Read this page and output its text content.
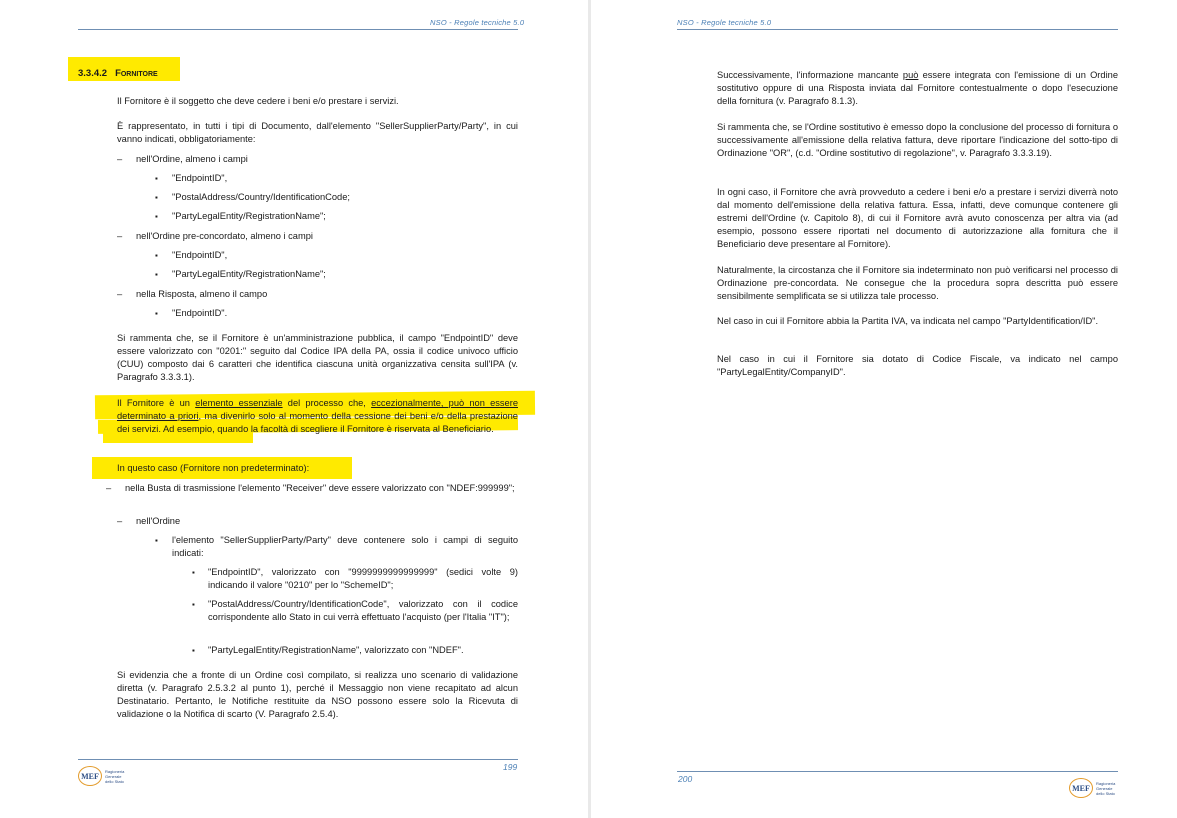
NSO - Regole tecniche 5.0
3.3.4.2 Fornitore
Il Fornitore è il soggetto che deve cedere i beni e/o prestare i servizi.
È rappresentato, in tutti i tipi di Documento, dall'elemento "SellerSupplierParty/Party", in cui vanno indicati, obbligatoriamente:
– nell'Ordine, almeno i campi
▪ "EndpointID",
▪ "PostalAddress/Country/IdentificationCode;
▪ "PartyLegalEntity/RegistrationName";
– nell'Ordine pre-concordato, almeno i campi
▪ "EndpointID",
▪ "PartyLegalEntity/RegistrationName";
– nella Risposta, almeno il campo
▪ "EndpointID".
Si rammenta che, se il Fornitore è un'amministrazione pubblica, il campo "EndpointID" deve essere valorizzato con "0201:" seguito dal Codice IPA della PA, ossia il codice univoco ufficio (CUU) composto dai 6 caratteri che identifica ciascuna unità organizzativa censita sull'IPA (v. Paragrafo 3.3.3.1).
Il Fornitore è un elemento essenziale del processo che, eccezionalmente, può non essere determinato a priori, ma divenirlo solo al momento della cessione dei beni e/o della prestazione dei servizi. Ad esempio, quando la facoltà di scegliere il Fornitore è riservata al Beneficiario.
In questo caso (Fornitore non predeterminato):
– nella Busta di trasmissione l'elemento "Receiver" deve essere valorizzato con "NDEF:999999";
– nell'Ordine
▪ l'elemento "SellerSupplierParty/Party" deve contenere solo i campi di seguito indicati:
▪ "EndpointID", valorizzato con "9999999999999999" (sedici volte 9) indicando il valore "0210" per lo "SchemeID";
▪ "PostalAddress/Country/IdentificationCode", valorizzato con il codice corrispondente allo Stato in cui verrà effettuato l'acquisto (per l'Italia "IT");
▪ "PartyLegalEntity/RegistrationName", valorizzato con "NDEF".
Si evidenzia che a fronte di un Ordine così compilato, si realizza uno scenario di validazione diretta (v. Paragrafo 2.5.3.2 al punto 1), perché il Messaggio non viene recapitato ad alcun Destinatario. Pertanto, le Notifiche restituite da NSO possono essere solo la Ricevuta di validazione o la Notifica di scarto (V. Paragrafo 2.5.4).
199
MEF
Ragioneria Generale dello Stato
NSO - Regole tecniche 5.0
Successivamente, l'informazione mancante può essere integrata con l'emissione di un Ordine sostitutivo oppure di una Risposta inviata dal Fornitore contestualmente o dopo l'esecuzione della fornitura (v. Paragrafo 8.1.3).
Si rammenta che, se l'Ordine sostitutivo è emesso dopo la conclusione del processo di fornitura o successivamente all'emissione della relativa fattura, deve riportare l'indicazione del sotto-tipo di Ordinazione "OR", (c.d. "Ordine sostitutivo di regolazione", v. Paragrafo 3.3.3.19).
In ogni caso, il Fornitore che avrà provveduto a cedere i beni e/o a prestare i servizi diverrà noto dal momento dell'emissione della relativa fattura. Essa, infatti, deve comunque contenere gli estremi dell'Ordine (v. Capitolo 8), di cui il Fornitore avrà avuto conoscenza per altra via (ad esempio, possono essere riportati nel documento di autorizzazione alla fornitura che il Beneficiario deve presentare al Fornitore).
Naturalmente, la circostanza che il Fornitore sia indeterminato non può verificarsi nel processo di Ordinazione pre-concordata. Ne consegue che la procedura sopra descritta può essere sensibilmente semplificata se si utilizza tale processo.
Nel caso in cui il Fornitore abbia la Partita IVA, va indicata nel campo "PartyIdentification/ID".
Nel caso in cui il Fornitore sia dotato di Codice Fiscale, va indicato nel campo "PartyLegalEntity/CompanyID".
200
MEF
Ragioneria Generale dello Stato
